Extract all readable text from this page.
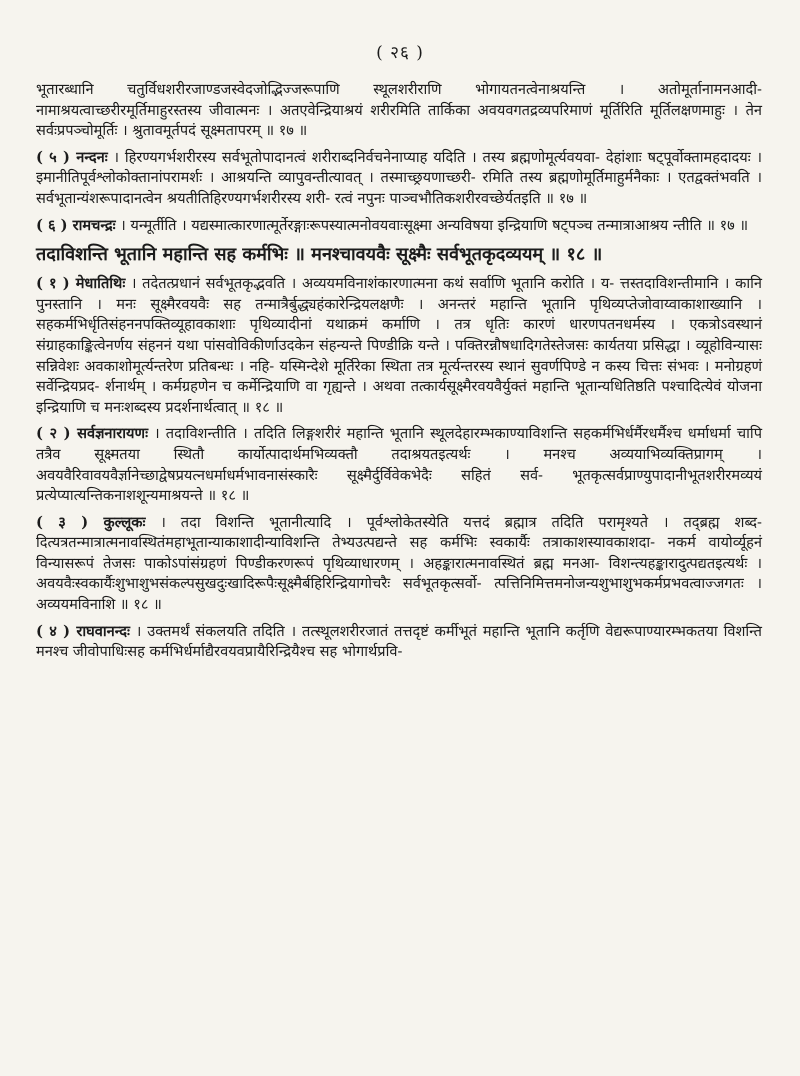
( २६ )

भूतारब्धानि चतुर्विधशरीरजाण्डजस्वेदजोद्भिज्जरूपाणि स्थूलशरीराणि भोगायतनत्वेनाश्रयन्ति । अतोमूर्तानामनआदी- नामाश्रयत्वाच्छरीरमूर्तिमाहुरस्तस्य जीवात्मनः । अतएवेन्द्रियाश्रयं शरीरमिति तार्किका अवयवगतद्रव्यपरिमाणं मूर्तिरिति मूर्तिलक्षणमाहुः । तेन सर्वःप्रपञ्चोमूर्तिः । श्रुतावमूर्तपदं सूक्ष्मतापरम् ॥ १७ ॥

( ५ ) नन्दनः । हिरण्यगर्भशरीरस्य सर्वभूतोपादानत्वं शरीराब्दनिर्वचनेनाप्याह यदिति । तस्य ब्रह्मणोमूर्त्यवयवा- देहांशाः षट्पूर्वोक्तामहदादयः । इमानीतिपूर्वश्लोकोक्तानांपरामर्शः । आश्रयन्ति व्यापुवन्तीत्यावत् । तस्माच्छ्रयणाच्छरी- रमिति तस्य ब्रह्मणोमूर्तिमाहुर्मनैकाः । एतद्वक्तंभवति । सर्वभूतान्यंशरूपादानत्वेन श्रयतीतिहिरण्यगर्भशरीरस्य शरी- रत्वं नपुनः पाञ्चभौतिकशरीरवच्छेर्यतइति ॥ १७ ॥

( ६ ) रामचन्द्रः । यन्मूर्तीति । यद्यस्मात्कारणात्मूर्तेरङ्गाःरूपस्यात्मनोवयवाःसूक्ष्मा अन्यविषया इन्द्रियाणि षट्पञ्च तन्मात्राआश्रय न्तीति ॥ १७ ॥

तदाविशन्ति भूतानि महान्ति सह कर्मभिः ॥ मनश्चावयवैः सूक्ष्मैः सर्वभूतकृदव्ययम् ॥ १८ ॥

( १ ) मेधातिथिः । तदेतत्प्रधानं सर्वभूतकृद्भवति । अव्ययमविनाशंकारणात्मना कथं सर्वाणि भूतानि करोति । य- त्तस्तदाविशन्तीमानि । कानि पुनस्तानि । मनः सूक्ष्मैरवयवैः सह तन्मात्रैर्बुद्ध्यहंकारेन्द्रियलक्षणैः । अनन्तरं महान्ति भूतानि पृथिव्यप्तेजोवाय्वाकाशाख्यानि । सहकर्मभिर्धृतिसंहननपक्तिव्यूहावकाशाः पृथिव्यादीनां यथाक्रमं कर्माणि । तत्र धृतिः कारणं धारणपतनधर्मस्य । एकत्रोऽवस्थानं संग्राहकाङ्कित्वेनर्णय संहननं यथा पांसवोविकीर्णाउदकेन संहन्यन्ते पिण्डीक्रि यन्ते । पक्तिरन्नौषधादिगतेस्तेजसः कार्यतया प्रसिद्धा । व्यूहोविन्यासः सन्निवेशः अवकाशोमूर्त्यन्तरेण प्रतिबन्धः । नहि- यस्मिन्देशे मूर्तिरेका स्थिता तत्र मूर्त्यन्तरस्य स्थानं सुवर्णपिण्डे न कस्य चित्तः संभवः । मनोग्रहणं सर्वेन्द्रियप्रद- र्शनार्थम् । कर्मग्रहणेन च कर्मेन्द्रियाणि वा गृह्यन्ते । अथवा तत्कार्यसूक्ष्मैरवयवैर्युक्तं महान्ति भूतान्यधितिष्ठति पश्चादित्येवं योजना इन्द्रियाणि च मनःशब्दस्य प्रदर्शनार्थत्वात् ॥ १८ ॥

( २ ) सर्वज्ञनारायणः । तदाविशन्तीति । तदिति लिङ्गशरीरं महान्ति भूतानि स्थूलदेहारम्भकाण्याविशन्ति सहकर्मभिर्धर्मैरधर्मैश्च धर्माधर्मा चापि तत्रैव सूक्ष्मतया स्थितौ कार्योत्पादार्थमभिव्यक्तौ तदाश्रयतइत्यर्थः । मनश्च अव्ययाभिव्यक्तिप्रागम् । अवयवैरिवावयवैर्ज्ञानेच्छाद्वेषप्रयत्नधर्माधर्मभावनासंस्कारैः सूक्ष्मैर्दुर्विवेकभेदैः सहितं सर्व- भूतकृत्सर्वप्राण्युपादानीभूतशरीरमव्ययं प्रत्येप्यात्यन्तिकनाशशून्यमाश्रयन्ते ॥ १८ ॥

( ३ ) कुल्लूकः । तदा विशन्ति भूतानीत्यादि । पूर्वश्लोकेतस्येति यत्तदं ब्रह्मात्र तदिति परामृश्यते । तद्ब्रह्म शब्द- दित्यत्रतन्मात्रात्मनावस्थितंमहाभूतान्याकाशादीन्याविशन्ति तेभ्यउत्पद्यन्ते सह कर्मभिः स्वकार्यैः तत्राकाशस्यावकाशदा- नकर्म वायोर्व्यूहनं विन्यासरूपं तेजसः पाकोऽपांसंग्रहणं पिण्डीकरणरूपं पृथिव्याधारणम् । अहङ्कारात्मनावस्थितं ब्रह्म मनआ- विशन्त्यहङ्कारादुत्पद्यतइत्यर्थः । अवयवैःस्वकार्यैःशुभाशुभसंकल्पसुखदुःखादिरूपैःसूक्ष्मैर्बहिरिन्द्रियागोचरैः सर्वभूतकृत्सर्वो- त्पत्तिनिमित्तमनोजन्यशुभाशुभकर्मप्रभवत्वाज्जगतः । अव्ययमविनाशि ॥ १८ ॥

( ४ ) राघवानन्दः । उक्तमर्थं संकलयति तदिति । तत्स्थूलशरीरजातं तत्तदृष्टं कर्मीभूतं महान्ति भूतानि कर्तृणि वेद्यरूपाण्यारम्भकतया विशन्ति मनश्च जीवोपाधिःसह कर्मभिर्धर्माद्यैरवयवप्रायैरिन्द्रियैश्च सह भोगार्थप्रवि-
